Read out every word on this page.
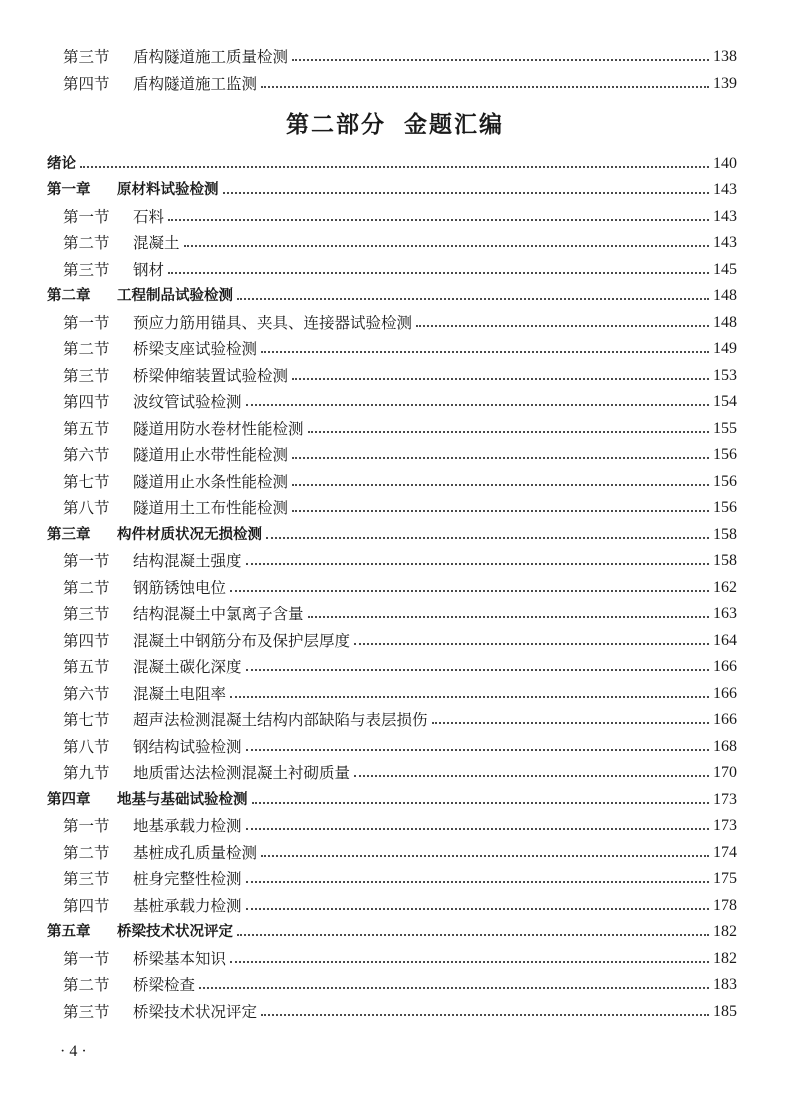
第三节 盾构隧道施工质量检测	138
第四节 盾构隧道施工监测	139
第二部分 金题汇编
绪论	140
第一章 原材料试验检测	143
第一节 石料	143
第二节 混凝土	143
第三节 钢材	145
第二章 工程制品试验检测	148
第一节 预应力筋用锚具、夹具、连接器试验检测	148
第二节 桥梁支座试验检测	149
第三节 桥梁伸缩装置试验检测	153
第四节 波纹管试验检测	154
第五节 隧道用防水卷材性能检测	155
第六节 隧道用止水带性能检测	156
第七节 隧道用止水条性能检测	156
第八节 隧道用土工布性能检测	156
第三章 构件材质状况无损检测	158
第一节 结构混凝土强度	158
第二节 钢筋锈蚀电位	162
第三节 结构混凝土中氯离子含量	163
第四节 混凝土中钢筋分布及保护层厚度	164
第五节 混凝土碳化深度	166
第六节 混凝土电阻率	166
第七节 超声法检测混凝土结构内部缺陷与表层损伤	166
第八节 钢结构试验检测	168
第九节 地质雷达法检测混凝土衬砌质量	170
第四章 地基与基础试验检测	173
第一节 地基承载力检测	173
第二节 基桩成孔质量检测	174
第三节 桩身完整性检测	175
第四节 基桩承载力检测	178
第五章 桥梁技术状况评定	182
第一节 桥梁基本知识	182
第二节 桥梁检查	183
第三节 桥梁技术状况评定	185
· 4 ·
